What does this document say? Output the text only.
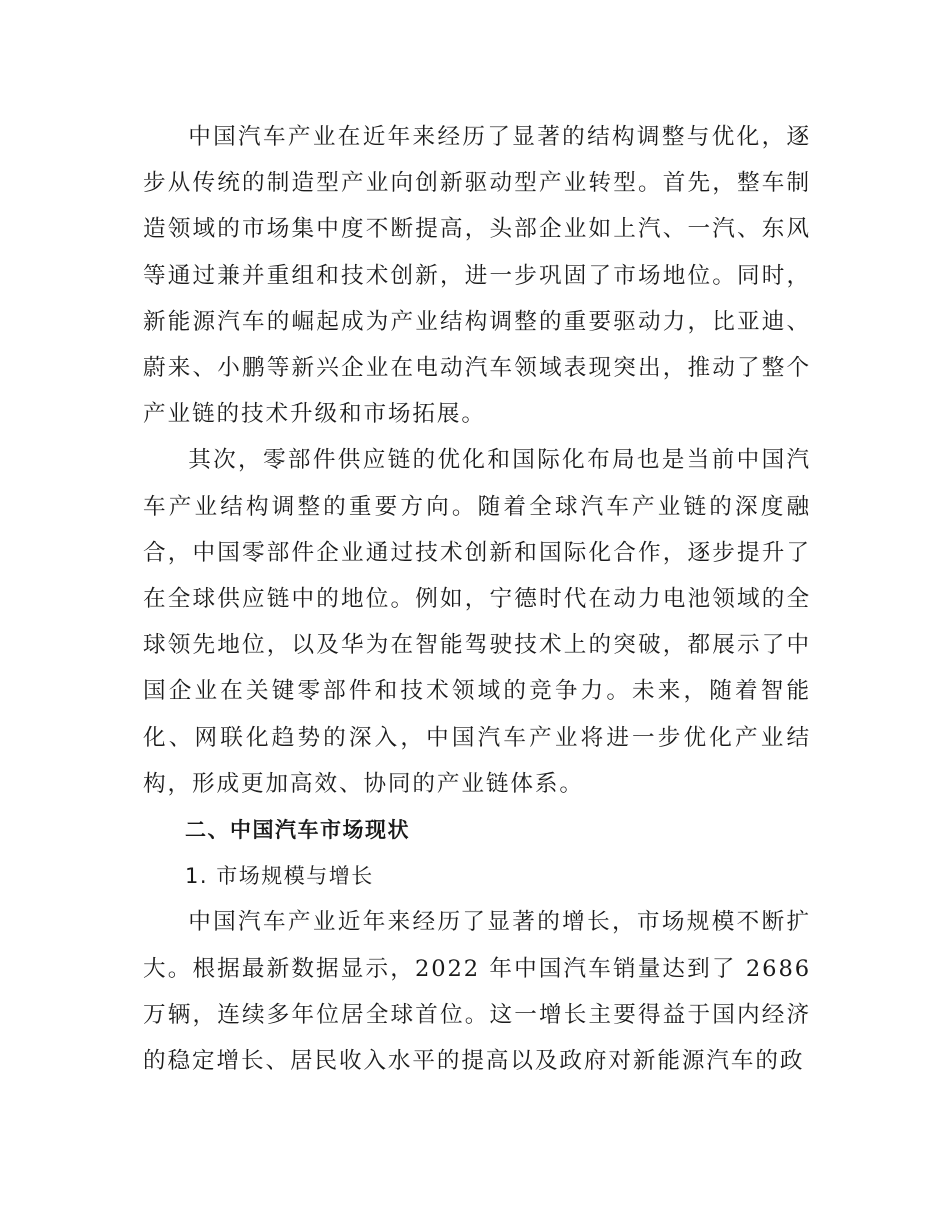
中国汽车产业在近年来经历了显著的结构调整与优化，逐步从传统的制造型产业向创新驱动型产业转型。首先，整车制造领域的市场集中度不断提高，头部企业如上汽、一汽、东风等通过兼并重组和技术创新，进一步巩固了市场地位。同时，新能源汽车的崛起成为产业结构调整的重要驱动力，比亚迪、蔚来、小鹏等新兴企业在电动汽车领域表现突出，推动了整个产业链的技术升级和市场拓展。

其次，零部件供应链的优化和国际化布局也是当前中国汽车产业结构调整的重要方向。随着全球汽车产业链的深度融合，中国零部件企业通过技术创新和国际化合作，逐步提升了在全球供应链中的地位。例如，宁德时代在动力电池领域的全球领先地位，以及华为在智能驾驶技术上的突破，都展示了中国企业在关键零部件和技术领域的竞争力。未来，随着智能化、网联化趋势的深入，中国汽车产业将进一步优化产业结构，形成更加高效、协同的产业链体系。

二、中国汽车市场现状

1. 市场规模与增长

中国汽车产业近年来经历了显著的增长，市场规模不断扩大。根据最新数据显示，2022 年中国汽车销量达到了 2686 万辆，连续多年位居全球首位。这一增长主要得益于国内经济的稳定增长、居民收入水平的提高以及政府对新能源汽车的政
